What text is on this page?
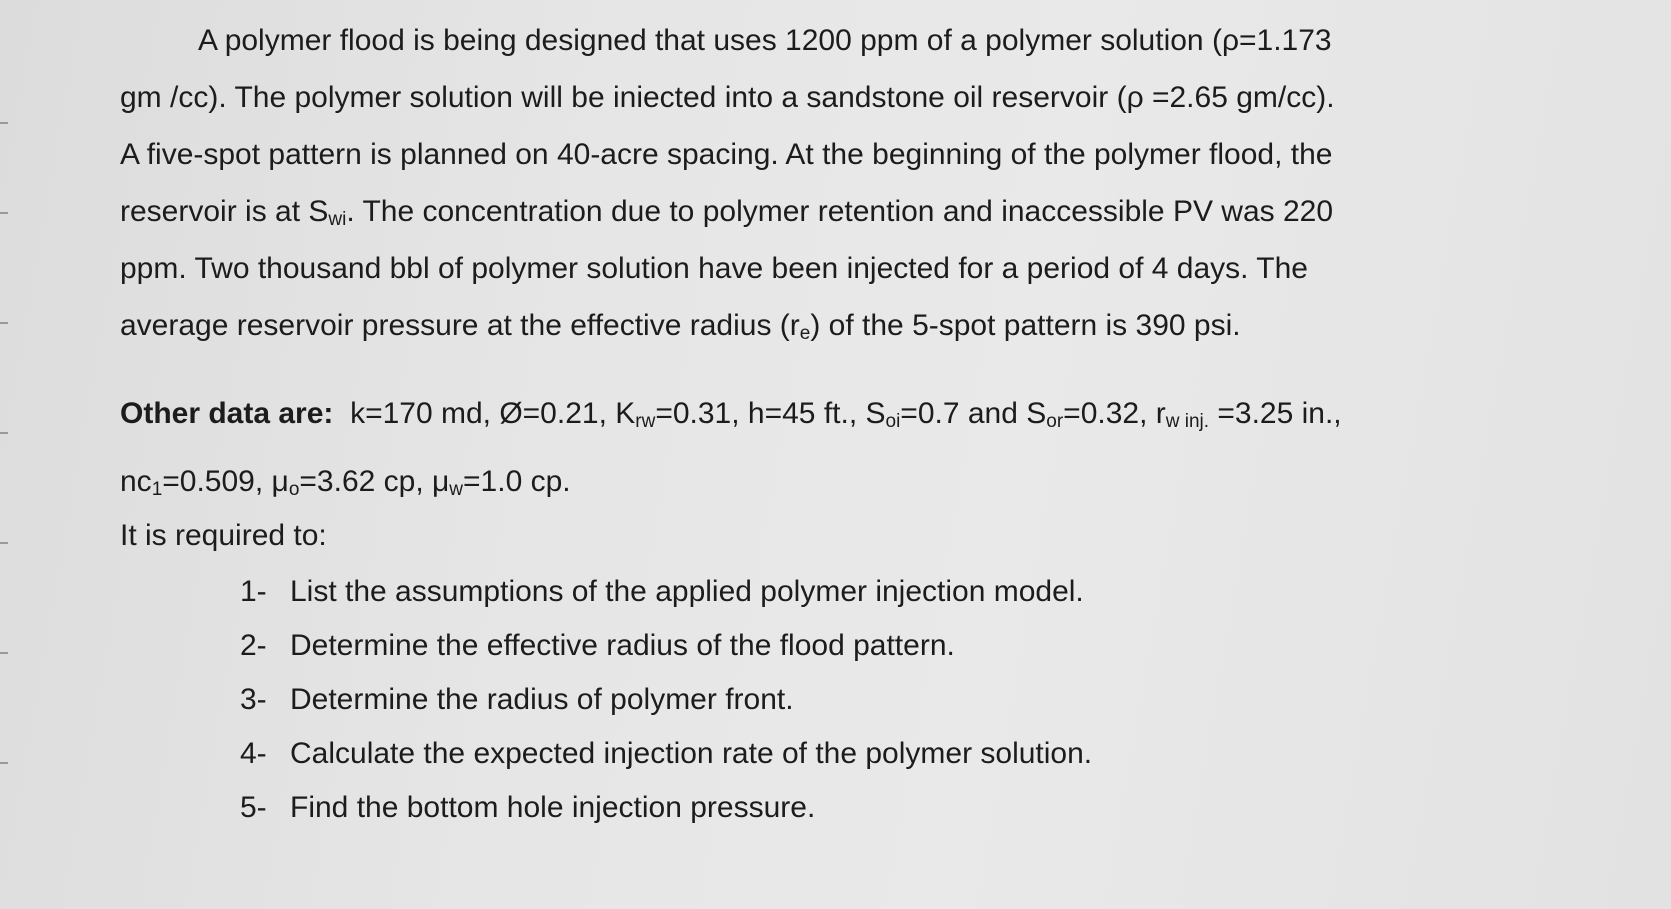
A polymer flood is being designed that uses 1200 ppm of a polymer solution (ρ=1.173
gm /cc). The polymer solution will be iniected into a sandstone oil reservoir (ρ =2.65 gm/cc).
A five-spot pattern is planned on 40-acre spacing. At the beginning of the polymer flood, the
reservoir is at $S_{wi}$. The concentration due to polymer retention and inaccessible PV was 220
ppm. Two thousand bbl of polymer solution have been injected for a period of 4 days. The
average reservoir pressure at the effective radius $(r_e)$ of the 5-spot pattern is 390 psi.

Other data are: k=170 md, Ø=0.21, $K_{rw}=0.31$, h=45 ft., $S_{oi}=0.7$ and $S_{or}=0.32$, $r_{w inj.} =3.25$ in.,
$nc_1=0.509$, $\mu_o=3.62$ cp, $\mu_w=1.0$ cp.

It is required to:

1- List the assumptions of the applied polymer injection model.
2- Determine the effective radius of the flood pattern.
3- Determine the radius of polymer front.
4- Calculate the expected injection rate of the polymer solution.
5- Find the bottom hole injection pressure.
